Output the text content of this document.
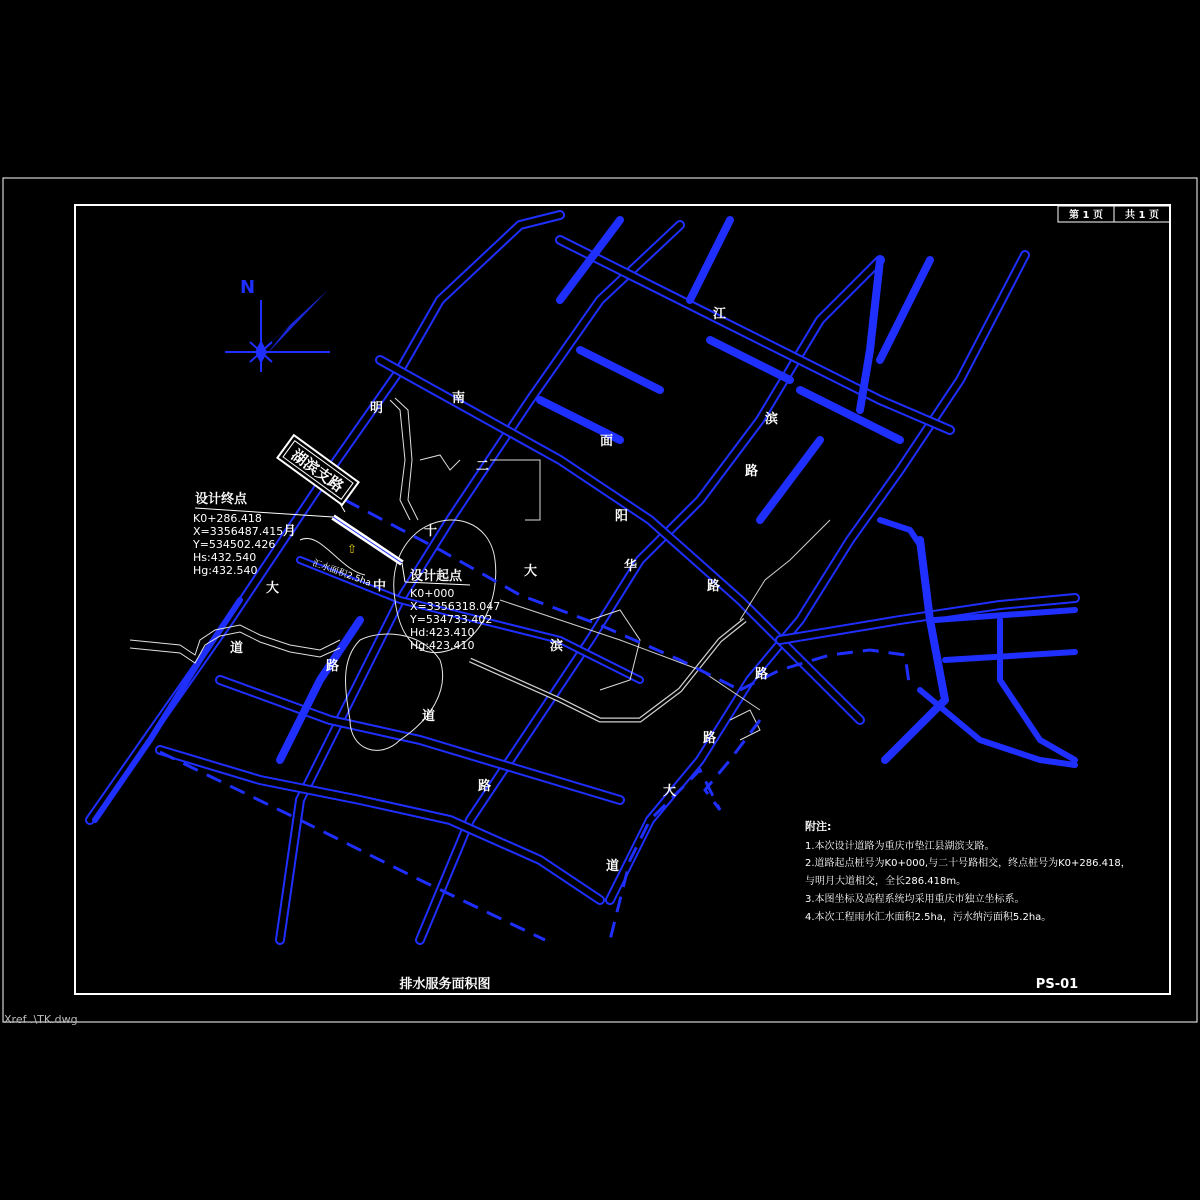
第 1 页 共 1 页
⇧
N
湖滨支路
设计终点
K0+286.418
X=3356487.415
Y=534502.426
Hs:432.540
Hg:432.540	设计起点
K0+000
X=3356318.047
Y=534733.402
Hd:423.410
Hg:423.410
汇水面积2.5ha
明
月
大
道
二
十
大
道
中
路
路
南
面
阳
华
路
路
滨
大
道
路
江
滨
路
附注:
1.本次设计道路为重庆市垫江县湖滨支路。
2.道路起点桩号为K0+000,与二十号路相交，终点桩号为K0+286.418，
与明月大道相交，全长286.418m。
3.本图坐标及高程系统均采用重庆市独立坐标系。
4.本次工程雨水汇水面积2.5ha，污水纳污面积5.2ha。
排水服务面积图	PS-01
Xref .\TK.dwg
